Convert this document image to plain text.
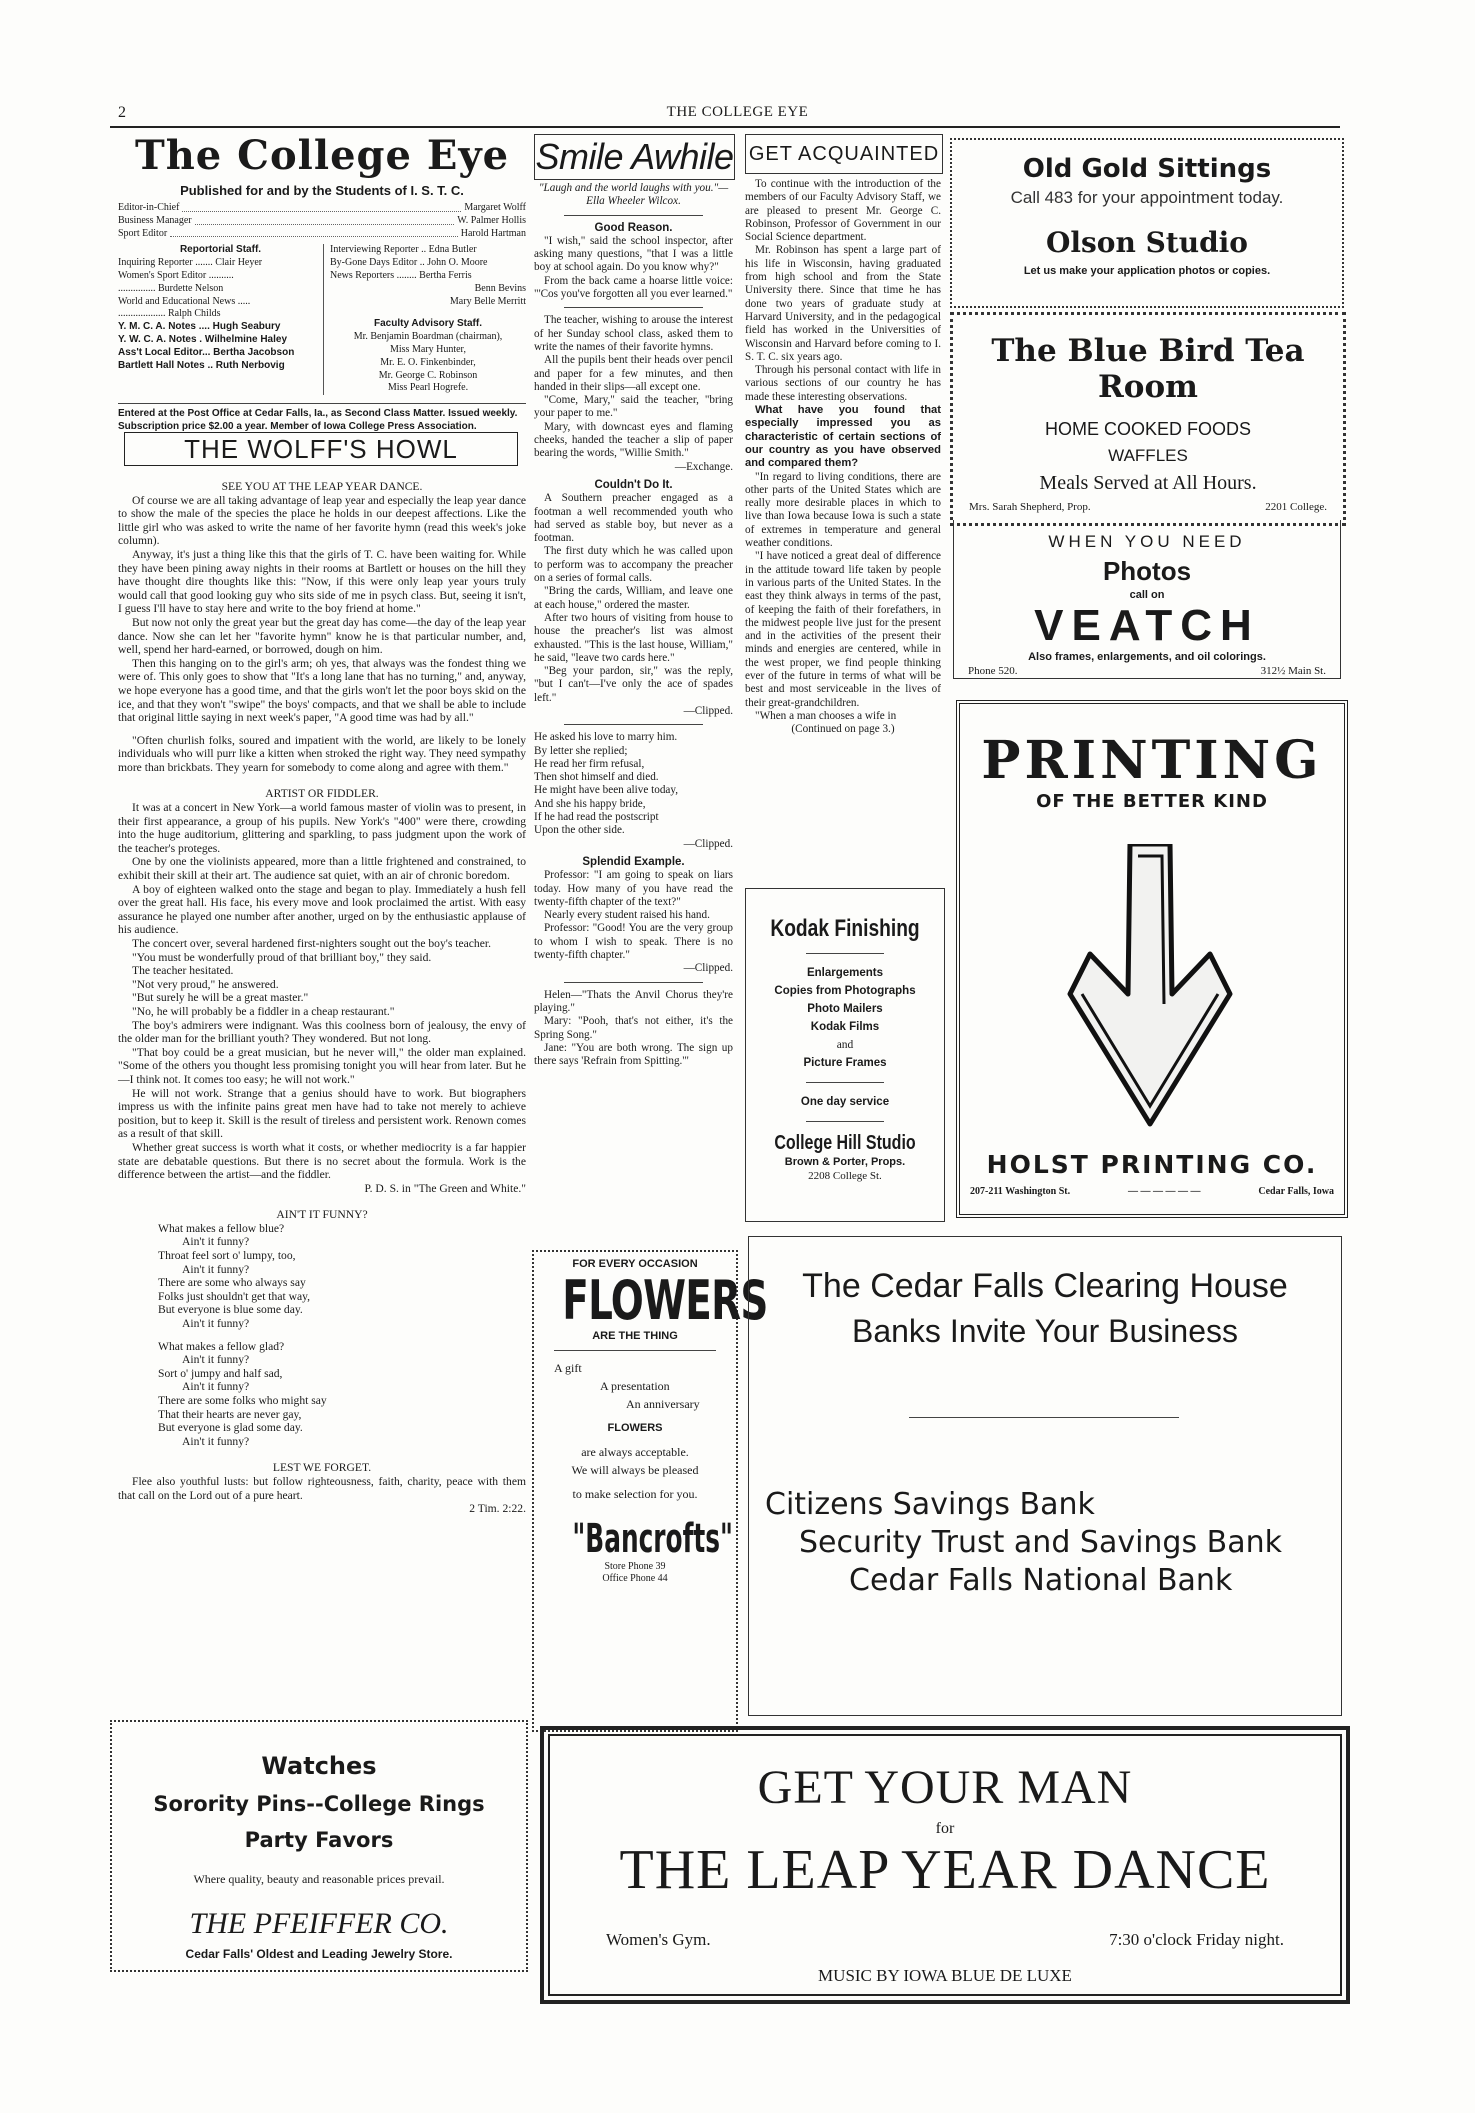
2	THE COLLEGE EYE
The College Eye
Published for and by the Students of I. S. T. C.
Editor-in-Chief	Margaret Wolff
Business Manager	W. Palmer Hollis
Sport Editor	Harold Hartman
Reportorial Staff.
Inquiring Reporter ....... Clair Heyer
Women's Sport Editor ..........
............... Burdette Nelson
World and Educational News .....
................... Ralph Childs
Y. M. C. A. Notes .... Hugh Seabury
Y. W. C. A. Notes . Wilhelmine Haley
Ass't Local Editor... Bertha Jacobson
Bartlett Hall Notes .. Ruth Nerbovig
Interviewing Reporter .. Edna Butler
By-Gone Days Editor .. John O. Moore
News Reporters ........ Bertha Ferris
Benn Bevins
Mary Belle Merritt
Faculty Advisory Staff.
Mr. Benjamin Boardman (chairman),
Miss Mary Hunter,
Mr. E. O. Finkenbinder,
Mr. George C. Robinson
Miss Pearl Hogrefe.
Entered at the Post Office at Cedar Falls, Ia., as Second Class Matter. Issued weekly. Subscription price $2.00 a year. Member of Iowa College Press Association.
THE WOLFF'S HOWL

SEE YOU AT THE LEAP YEAR DANCE.

Of course we are all taking advantage of leap year and especially the leap year dance to show the male of the species the place he holds in our deepest affections. Like the little girl who was asked to write the name of her favorite hymn (read this week's joke column).

Anyway, it's just a thing like this that the girls of T. C. have been waiting for. While they have been pining away nights in their rooms at Bartlett or houses on the hill they have thought dire thoughts like this: "Now, if this were only leap year yours truly would call that good looking guy who sits side of me in psych class. But, seeing it isn't, I guess I'll have to stay here and write to the boy friend at home."

But now not only the great year but the great day has come—the day of the leap year dance. Now she can let her "favorite hymn" know he is that particular number, and, well, spend her hard-earned, or borrowed, dough on him.

Then this hanging on to the girl's arm; oh yes, that always was the fondest thing we were of. This only goes to show that "It's a long lane that has no turning," and, anyway, we hope everyone has a good time, and that the girls won't let the poor boys skid on the ice, and that they won't "swipe" the boys' compacts, and that we shall be able to include that original little saying in next week's paper, "A good time was had by all."

"Often churlish folks, soured and impatient with the world, are likely to be lonely individuals who will purr like a kitten when stroked the right way. They need sympathy more than brickbats. They yearn for somebody to come along and agree with them."

ARTIST OR FIDDLER.

It was at a concert in New York—a world famous master of violin was to present, in their first appearance, a group of his pupils. New York's "400" were there, crowding into the huge auditorium, glittering and sparkling, to pass judgment upon the work of the teacher's proteges.

One by one the violinists appeared, more than a little frightened and constrained, to exhibit their skill at their art. The audience sat quiet, with an air of chronic boredom.

A boy of eighteen walked onto the stage and began to play. Immediately a hush fell over the great hall. His face, his every move and look proclaimed the artist. With easy assurance he played one number after another, urged on by the enthusiastic applause of his audience.

The concert over, several hardened first-nighters sought out the boy's teacher.

"You must be wonderfully proud of that brilliant boy," they said.

The teacher hesitated.

"Not very proud," he answered.

"But surely he will be a great master."

"No, he will probably be a fiddler in a cheap restaurant."

The boy's admirers were indignant. Was this coolness born of jealousy, the envy of the older man for the brilliant youth? They wondered. But not long.

"That boy could be a great musician, but he never will," the older man explained. "Some of the others you thought less promising tonight you will hear from later. But he—I think not. It comes too easy; he will not work."

He will not work. Strange that a genius should have to work. But biographers impress us with the infinite pains great men have had to take not merely to achieve position, but to keep it. Skill is the result of tireless and persistent work. Renown comes as a result of that skill.

Whether great success is worth what it costs, or whether mediocrity is a far happier state are debatable questions. But there is no secret about the formula. Work is the difference between the artist—and the fiddler.

P. D. S. in "The Green and White."

AIN'T IT FUNNY?

What makes a fellow blue?

Ain't it funny?

Throat feel sort o' lumpy, too,

Ain't it funny?

There are some who always say

Folks just shouldn't get that way,

But everyone is blue some day.

Ain't it funny?

What makes a fellow glad?

Ain't it funny?

Sort o' jumpy and half sad,

Ain't it funny?

There are some folks who might say

That their hearts are never gay,

But everyone is glad some day.

Ain't it funny?

LEST WE FORGET.

Flee also youthful lusts: but follow righteousness, faith, charity, peace with them that call on the Lord out of a pure heart.

2 Tim. 2:22.

Watches
Sorority Pins--College Rings
Party Favors
Where quality, beauty and reasonable prices prevail.
THE PFEIFFER CO.
Cedar Falls' Oldest and Leading Jewelry Store.
Smile Awhile

"Laugh and the world laughs with you."—Ella Wheeler Wilcox.

Good Reason.

"I wish," said the school inspector, after asking many questions, "that I was a little boy at school again. Do you know why?"

From the back came a hoarse little voice: "'Cos you've forgotten all you ever learned."

The teacher, wishing to arouse the interest of her Sunday school class, asked them to write the names of their favorite hymns.

All the pupils bent their heads over pencil and paper for a few minutes, and then handed in their slips—all except one.

"Come, Mary," said the teacher, "bring your paper to me."

Mary, with downcast eyes and flaming cheeks, handed the teacher a slip of paper bearing the words, "Willie Smith."

—Exchange.

Couldn't Do It.

A Southern preacher engaged as a footman a well recommended youth who had served as stable boy, but never as a footman.

The first duty which he was called upon to perform was to accompany the preacher on a series of formal calls.

"Bring the cards, William, and leave one at each house," ordered the master.

After two hours of visiting from house to house the preacher's list was almost exhausted. "This is the last house, William," he said, "leave two cards here."

"Beg your pardon, sir," was the reply, "but I can't—I've only the ace of spades left."

—Clipped.

He asked his love to marry him.

By letter she replied;

He read her firm refusal,

Then shot himself and died.

He might have been alive today,

And she his happy bride,

If he had read the postscript

Upon the other side.

—Clipped.

Splendid Example.

Professor: "I am going to speak on liars today. How many of you have read the twenty-fifth chapter of the text?"

Nearly every student raised his hand.

Professor: "Good! You are the very group to whom I wish to speak. There is no twenty-fifth chapter."

—Clipped.

Helen—"Thats the Anvil Chorus they're playing."

Mary: "Pooh, that's not either, it's the Spring Song."

Jane: "You are both wrong. The sign up there says 'Refrain from Spitting.'"

FOR EVERY OCCASION
FLOWERS
ARE THE THING
A gift
A presentation
An anniversary
FLOWERS
are always acceptable.
We will always be pleased
to make selection for you.
"Bancrofts"
Store Phone 39
Office Phone 44
GET ACQUAINTED

To continue with the introduction of the members of our Faculty Advisory Staff, we are pleased to present Mr. George C. Robinson, Professor of Government in our Social Science department.

Mr. Robinson has spent a large part of his life in Wisconsin, having graduated from high school and from the State University there. Since that time he has done two years of graduate study at Harvard University, and in the pedagogical field has worked in the Universities of Wisconsin and Harvard before coming to I. S. T. C. six years ago.

Through his personal contact with life in various sections of our country he has made these interesting observations.

What have you found that especially impressed you as characteristic of certain sections of our country as you have observed and compared them?

"In regard to living conditions, there are other parts of the United States which are really more desirable places in which to live than Iowa because Iowa is such a state of extremes in temperature and general weather conditions.

"I have noticed a great deal of difference in the attitude toward life taken by people in various parts of the United States. In the east they think always in terms of the past, of keeping the faith of their forefathers, in the midwest people live just for the present and in the activities of the present their minds and energies are centered, while in the west proper, we find people thinking ever of the future in terms of what will be best and most serviceable in the lives of their great-grandchildren.

"When a man chooses a wife in

(Continued on page 3.)

Kodak Finishing
Enlargements
Copies from Photographs
Photo Mailers
Kodak Films
and
Picture Frames
One day service
College Hill Studio
Brown & Porter, Props.
2208 College St.
Old Gold Sittings
Call 483 for your appointment today.
Olson Studio
Let us make your application photos or copies.
The Blue Bird Tea Room
HOME COOKED FOODS
WAFFLES
Meals Served at All Hours.
Mrs. Sarah Shepherd, Prop.	2201 College.
WHEN YOU NEED
Photos
call on
VEATCH
Also frames, enlargements, and oil colorings.
Phone 520.	312½ Main St.
PRINTING
OF THE BETTER KIND
HOLST PRINTING CO.
207-211 Washington St.	— — — — — —	Cedar Falls, Iowa
The Cedar Falls Clearing House
Banks Invite Your Business
Citizens Savings Bank
Security Trust and Savings Bank
Cedar Falls National Bank
GET YOUR MAN
for
THE LEAP YEAR DANCE
Women's Gym.	7:30 o'clock Friday night.
MUSIC BY IOWA BLUE DE LUXE
